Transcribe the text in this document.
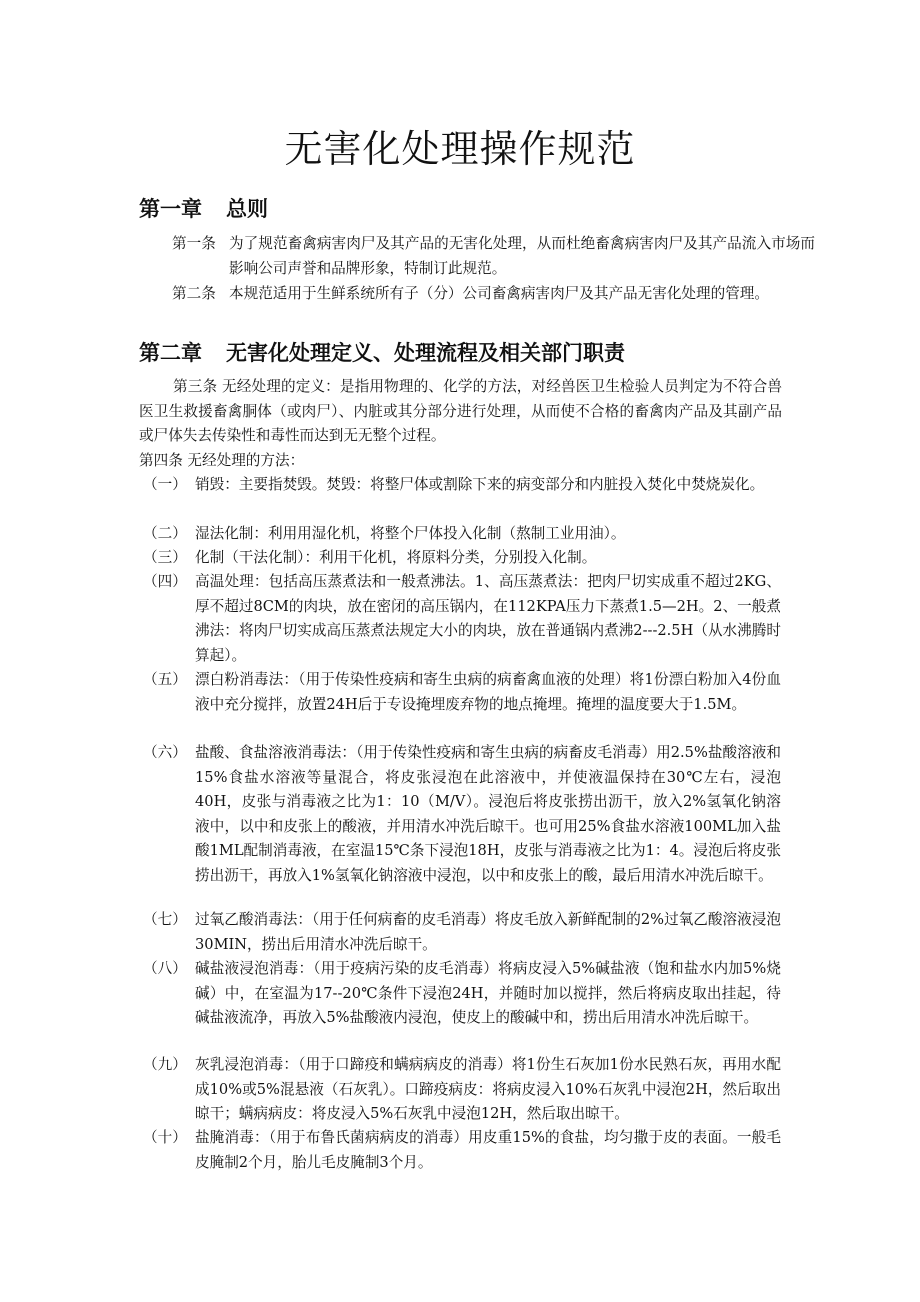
无害化处理操作规范
第一章 总则
第一条 为了规范畜禽病害肉尸及其产品的无害化处理，从而杜绝畜禽病害肉尸及其产品流入市场而影响公司声誉和品牌形象，特制订此规范。
第二条 本规范适用于生鲜系统所有子（分）公司畜禽病害肉尸及其产品无害化处理的管理。
第二章 无害化处理定义、处理流程及相关部门职责
第三条 无经处理的定义：是指用物理的、化学的方法，对经兽医卫生检验人员判定为不符合兽医卫生救援畜禽胴体（或肉尸）、内脏或其分部分进行处理，从而使不合格的畜禽肉产品及其副产品或尸体失去传染性和毒性而达到无无整个过程。
第四条 无经处理的方法：
（一） 销毁：主要指焚毁。焚毁：将整尸体或割除下来的病变部分和内脏投入焚化中焚烧炭化。
（二） 湿法化制：利用用湿化机，将整个尸体投入化制（熬制工业用油）。
（三） 化制（干法化制）：利用干化机，将原料分类，分别投入化制。
（四） 高温处理：包括高压蒸煮法和一般煮沸法。1、高压蒸煮法：把肉尸切实成重不超过2KG、厚不超过8CM的肉块，放在密闭的高压锅内，在112KPA压力下蒸煮1.5—2H。2、一般煮沸法：将肉尸切实成高压蒸煮法规定大小的肉块，放在普通锅内煮沸2---2.5H（从水沸腾时算起）。
（五） 漂白粉消毒法：（用于传染性疫病和寄生虫病的病畜禽血液的处理）将1份漂白粉加入4份血液中充分搅拌，放置24H后于专设掩埋废弃物的地点掩埋。掩埋的温度要大于1.5M。
（六） 盐酸、食盐溶液消毒法：（用于传染性疫病和寄生虫病的病畜皮毛消毒）用2.5%盐酸溶液和15%食盐水溶液等量混合，将皮张浸泡在此溶液中，并使液温保持在30℃左右，浸泡40H，皮张与消毒液之比为1：10（M/V）。浸泡后将皮张捞出沥干，放入2%氢氧化钠溶液中，以中和皮张上的酸液，并用清水冲洗后晾干。也可用25%食盐水溶液100ML加入盐酸1ML配制消毒液，在室温15℃条下浸泡18H，皮张与消毒液之比为1：4。浸泡后将皮张捞出沥干，再放入1%氢氧化钠溶液中浸泡，以中和皮张上的酸，最后用清水冲洗后晾干。
（七） 过氧乙酸消毒法：（用于任何病畜的皮毛消毒）将皮毛放入新鲜配制的2%过氧乙酸溶液浸泡30MIN，捞出后用清水冲洗后晾干。
（八） 碱盐液浸泡消毒：（用于疫病污染的皮毛消毒）将病皮浸入5%碱盐液（饱和盐水内加5%烧碱）中，在室温为17--20℃条件下浸泡24H，并随时加以搅拌，然后将病皮取出挂起，待碱盐液流净，再放入5%盐酸液内浸泡，使皮上的酸碱中和，捞出后用清水冲洗后晾干。
（九） 灰乳浸泡消毒：（用于口蹄疫和螨病病皮的消毒）将1份生石灰加1份水民熟石灰，再用水配成10%或5%混悬液（石灰乳）。口蹄疫病皮：将病皮浸入10%石灰乳中浸泡2H，然后取出晾干；螨病病皮：将皮浸入5%石灰乳中浸泡12H，然后取出晾干。
（十） 盐腌消毒：（用于布鲁氏菌病病皮的消毒）用皮重15%的食盐，均匀撒于皮的表面。一般毛皮腌制2个月，胎儿毛皮腌制3个月。
